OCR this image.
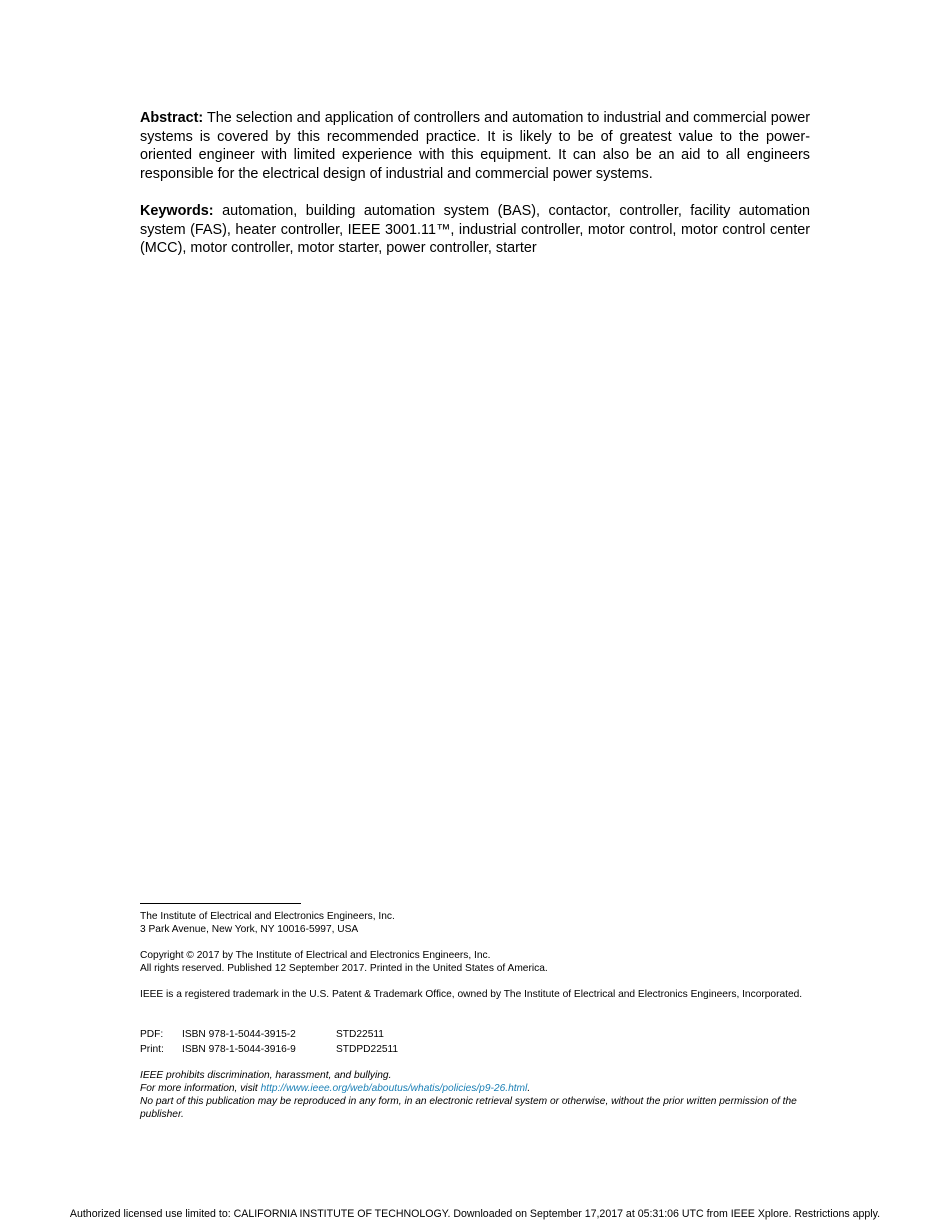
Abstract: The selection and application of controllers and automation to industrial and commercial power systems is covered by this recommended practice. It is likely to be of greatest value to the power-oriented engineer with limited experience with this equipment. It can also be an aid to all engineers responsible for the electrical design of industrial and commercial power systems.

Keywords: automation, building automation system (BAS), contactor, controller, facility automation system (FAS), heater controller, IEEE 3001.11™, industrial controller, motor control, motor control center (MCC), motor controller, motor starter, power controller, starter

The Institute of Electrical and Electronics Engineers, Inc.
3 Park Avenue, New York, NY 10016-5997, USA
Copyright © 2017 by The Institute of Electrical and Electronics Engineers, Inc.
All rights reserved. Published 12 September 2017. Printed in the United States of America.
IEEE is a registered trademark in the U.S. Patent & Trademark Office, owned by The Institute of Electrical and Electronics Engineers, Incorporated.
PDF:	ISBN 978-1-5044-3915-2	STD22511
Print:	ISBN 978-1-5044-3916-9	STDPD22511
IEEE prohibits discrimination, harassment, and bullying.
For more information, visit http://www.ieee.org/web/aboutus/whatis/policies/p9-26.html.
No part of this publication may be reproduced in any form, in an electronic retrieval system or otherwise, without the prior written permission of the publisher.
Authorized licensed use limited to: CALIFORNIA INSTITUTE OF TECHNOLOGY. Downloaded on September 17,2017 at 05:31:06 UTC from IEEE Xplore. Restrictions apply.
